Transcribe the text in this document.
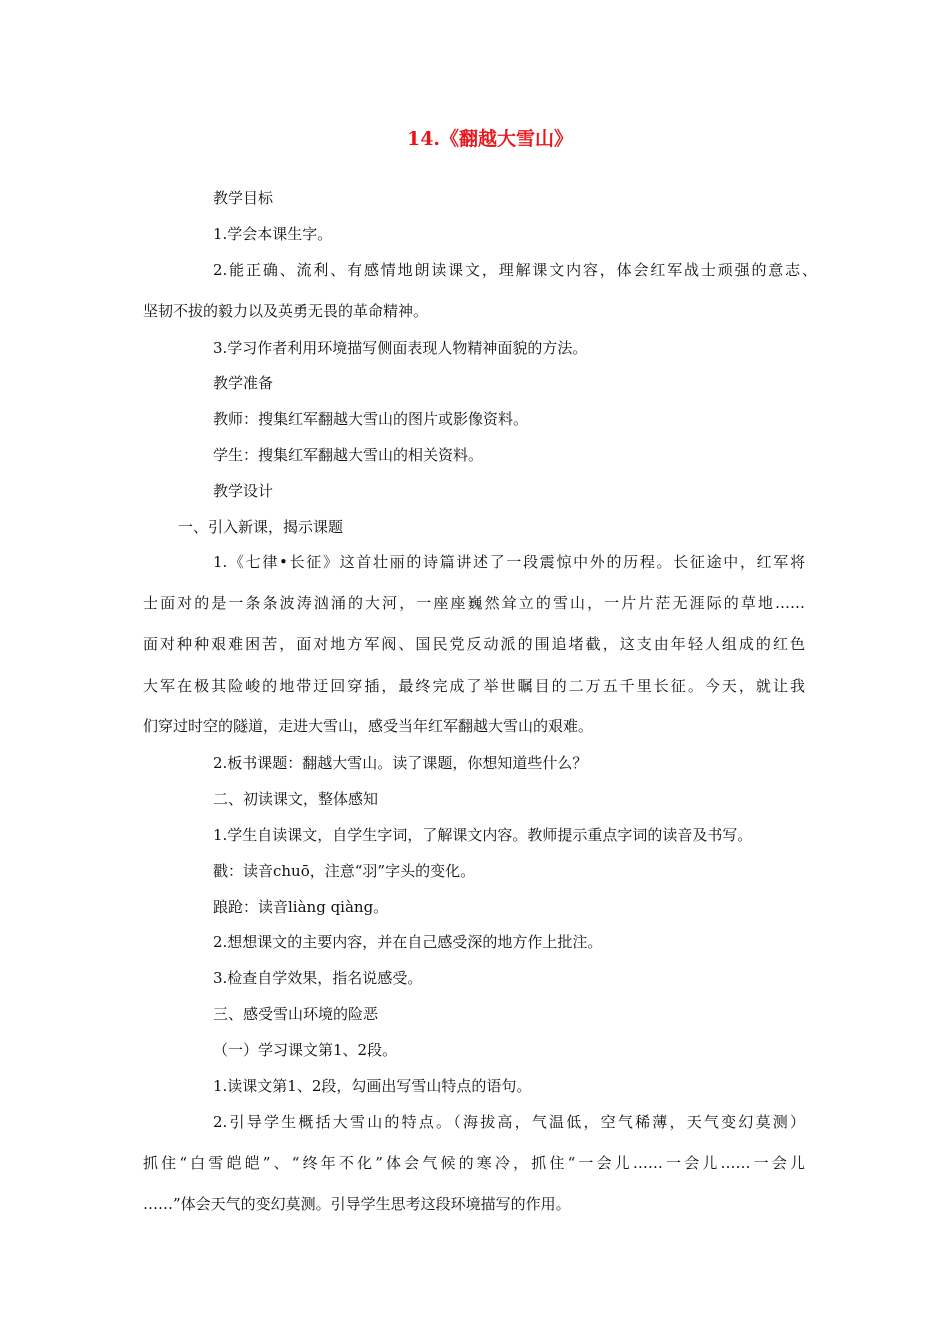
14.《翻越大雪山》
教学目标
1.学会本课生字。
2.能正确、流利、有感情地朗读课文，理解课文内容，体会红军战士顽强的意志、
坚韧不拔的毅力以及英勇无畏的革命精神。
3.学习作者利用环境描写侧面表现人物精神面貌的方法。
教学准备
教师：搜集红军翻越大雪山的图片或影像资料。
学生：搜集红军翻越大雪山的相关资料。
教学设计
一、引入新课，揭示课题
1.《七律•长征》这首壮丽的诗篇讲述了一段震惊中外的历程。长征途中，红军将
士面对的是一条条波涛汹涌的大河，一座座巍然耸立的雪山，一片片茫无涯际的草地……
面对种种艰难困苦，面对地方军阀、国民党反动派的围追堵截，这支由年轻人组成的红色
大军在极其险峻的地带迂回穿插，最终完成了举世瞩目的二万五千里长征。今天，就让我
们穿过时空的隧道，走进大雪山，感受当年红军翻越大雪山的艰难。
2.板书课题：翻越大雪山。读了课题，你想知道些什么？
二、初读课文，整体感知
1.学生自读课文，自学生字词，了解课文内容。教师提示重点字词的读音及书写。
戳：读音chuō，注意“羽”字头的变化。
踉跄：读音liàng qiàng。
2.想想课文的主要内容，并在自己感受深的地方作上批注。
3.检查自学效果，指名说感受。
三、感受雪山环境的险恶
（一）学习课文第1、2段。
1.读课文第1、2段，勾画出写雪山特点的语句。
2.引导学生概括大雪山的特点。（海拔高，气温低，空气稀薄，天气变幻莫测）
抓住“白雪皑皑”、“终年不化”体会气候的寒冷，抓住“一会儿……一会儿……一会儿
……”体会天气的变幻莫测。引导学生思考这段环境描写的作用。
